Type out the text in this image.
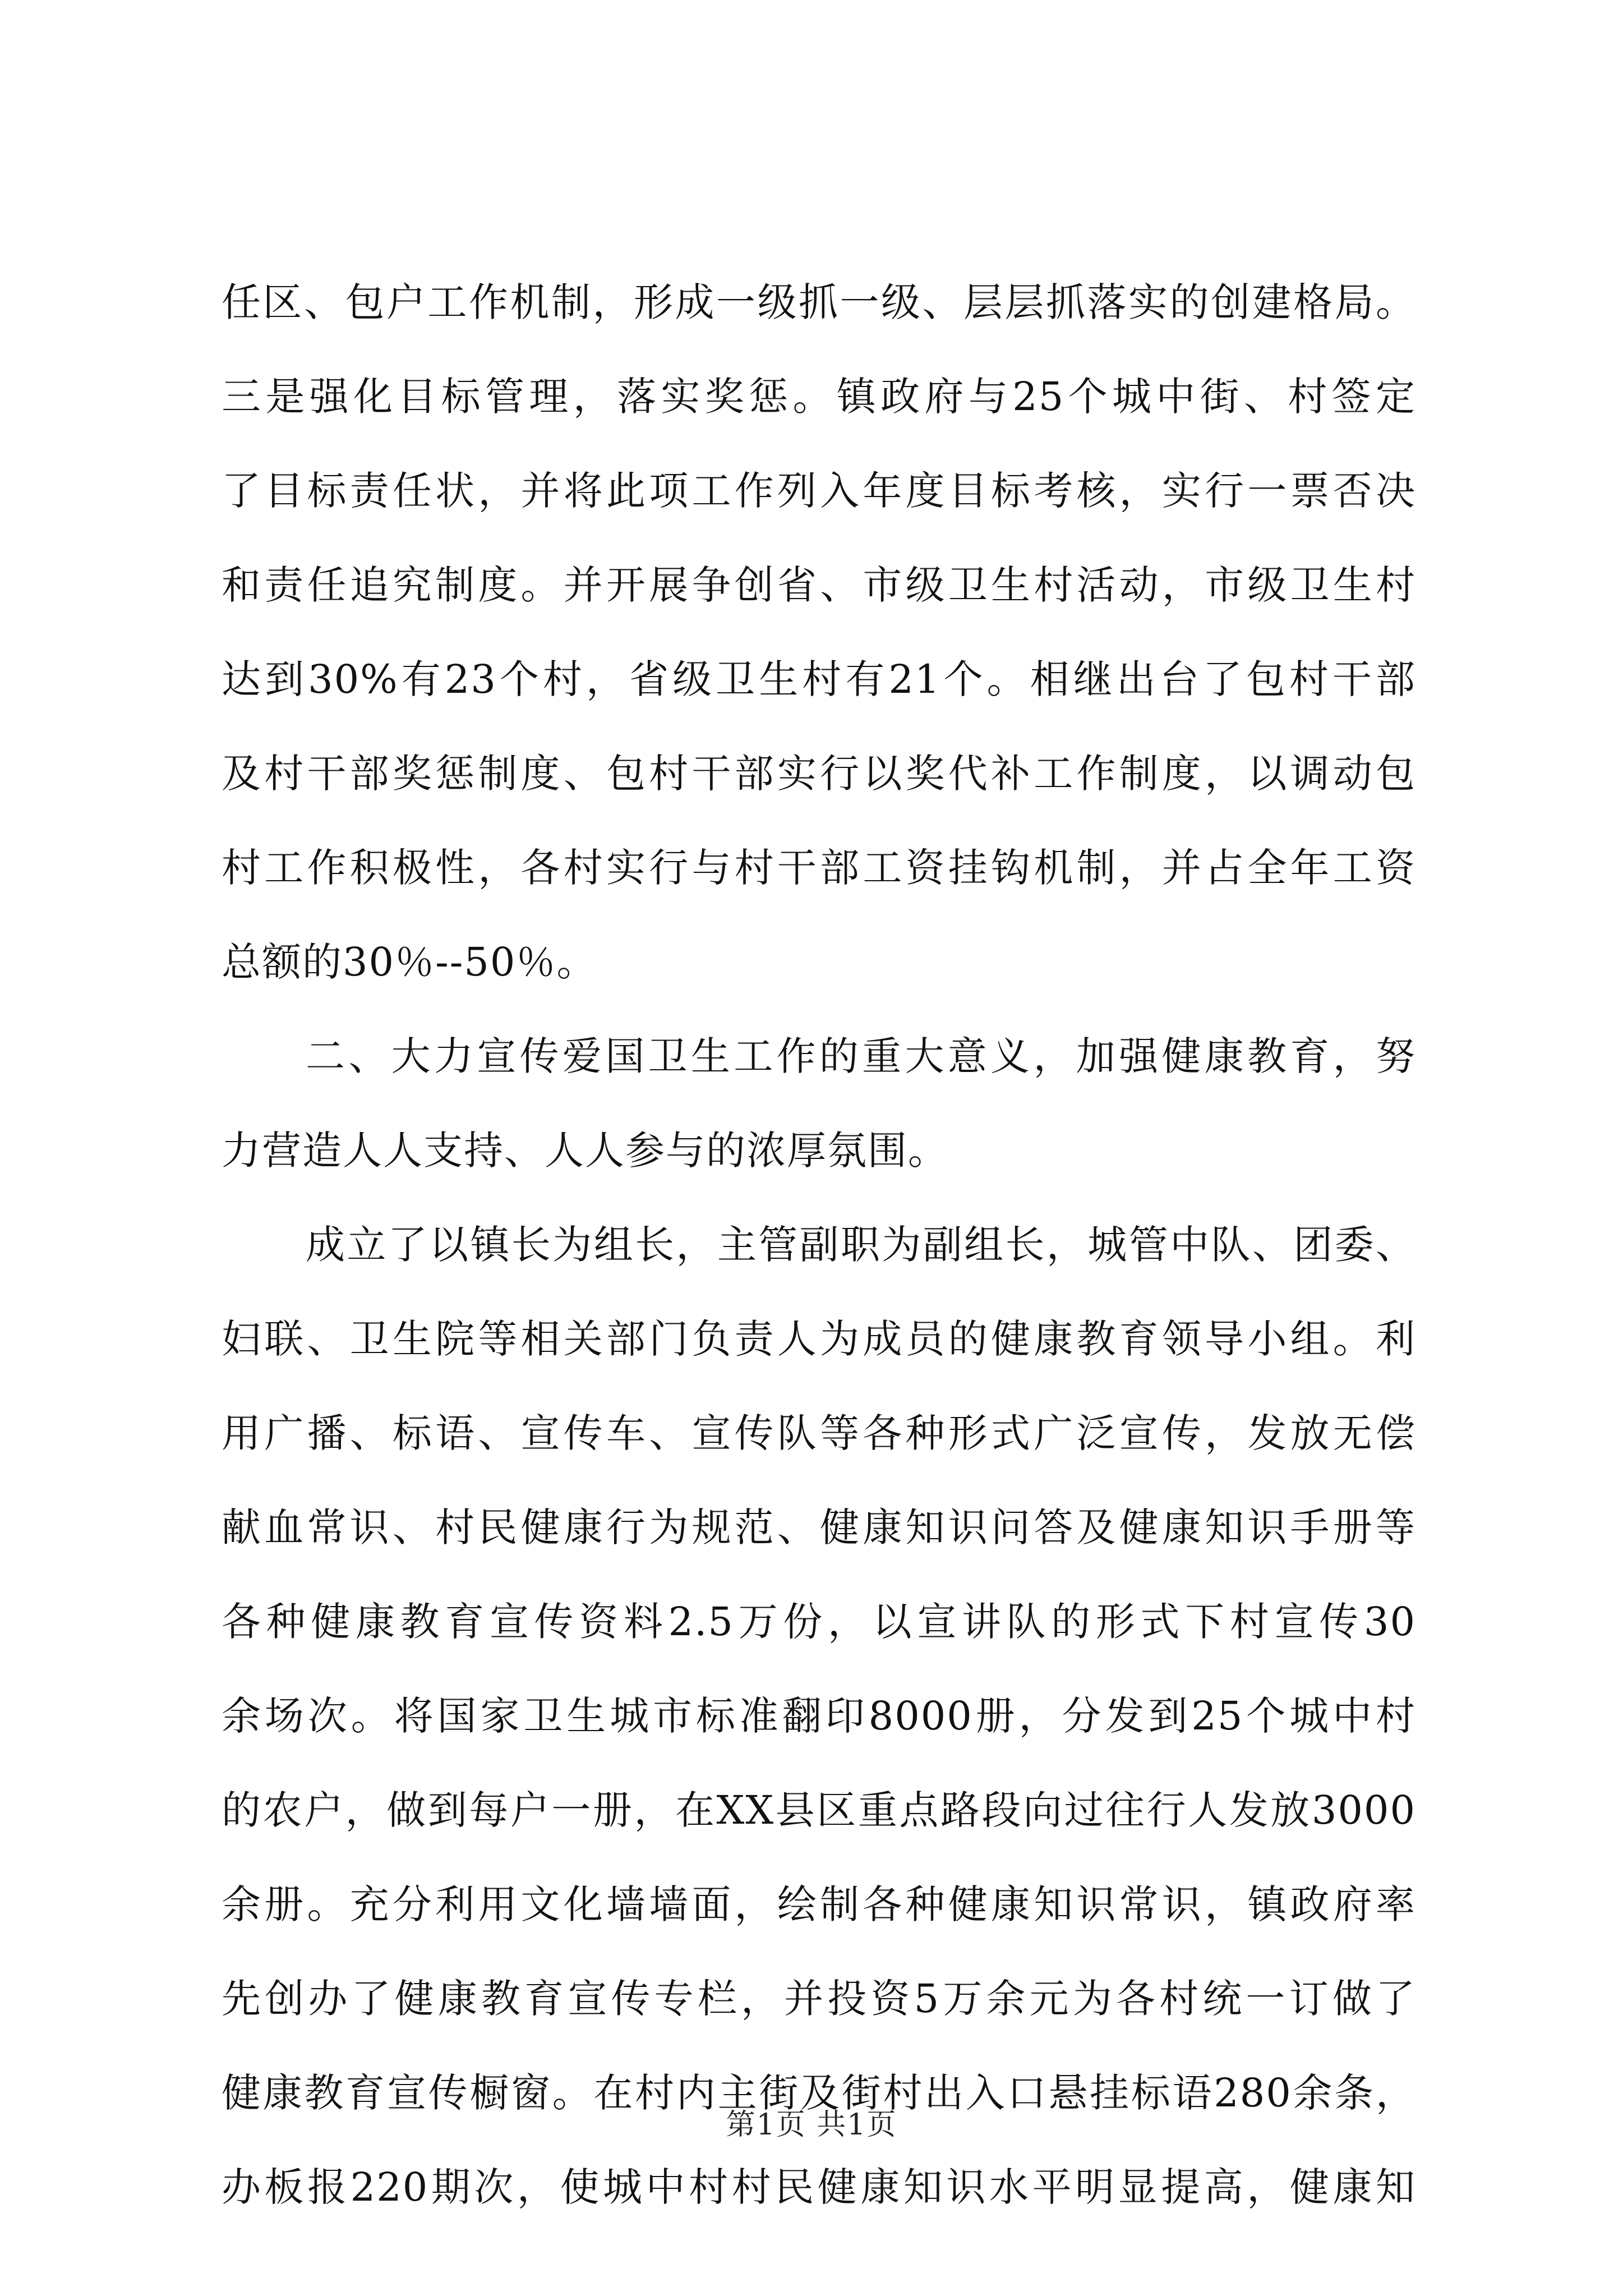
任区、包户工作机制，形成一级抓一级、层层抓落实的创建格局。
三是强化目标管理，落实奖惩。镇政府与25个城中街、村签定
了目标责任状，并将此项工作列入年度目标考核，实行一票否决
和责任追究制度。并开展争创省、市级卫生村活动，市级卫生村
达到30%有23个村，省级卫生村有21个。相继出台了包村干部
及村干部奖惩制度、包村干部实行以奖代补工作制度，以调动包
村工作积极性，各村实行与村干部工资挂钩机制，并占全年工资
总额的30％--50％。
二、大力宣传爱国卫生工作的重大意义，加强健康教育，努
力营造人人支持、人人参与的浓厚氛围。
成立了以镇长为组长，主管副职为副组长，城管中队、团委、
妇联、卫生院等相关部门负责人为成员的健康教育领导小组。利
用广播、标语、宣传车、宣传队等各种形式广泛宣传，发放无偿
献血常识、村民健康行为规范、健康知识问答及健康知识手册等
各种健康教育宣传资料2.5万份，以宣讲队的形式下村宣传30
余场次。将国家卫生城市标准翻印8000册，分发到25个城中村
的农户，做到每户一册，在XX县区重点路段向过往行人发放3000
余册。充分利用文化墙墙面，绘制各种健康知识常识，镇政府率
先创办了健康教育宣传专栏，并投资5万余元为各村统一订做了
健康教育宣传橱窗。在村内主街及街村出入口悬挂标语280余条，
办板报220期次，使城中村村民健康知识水平明显提高，健康知
第1页 共1页
